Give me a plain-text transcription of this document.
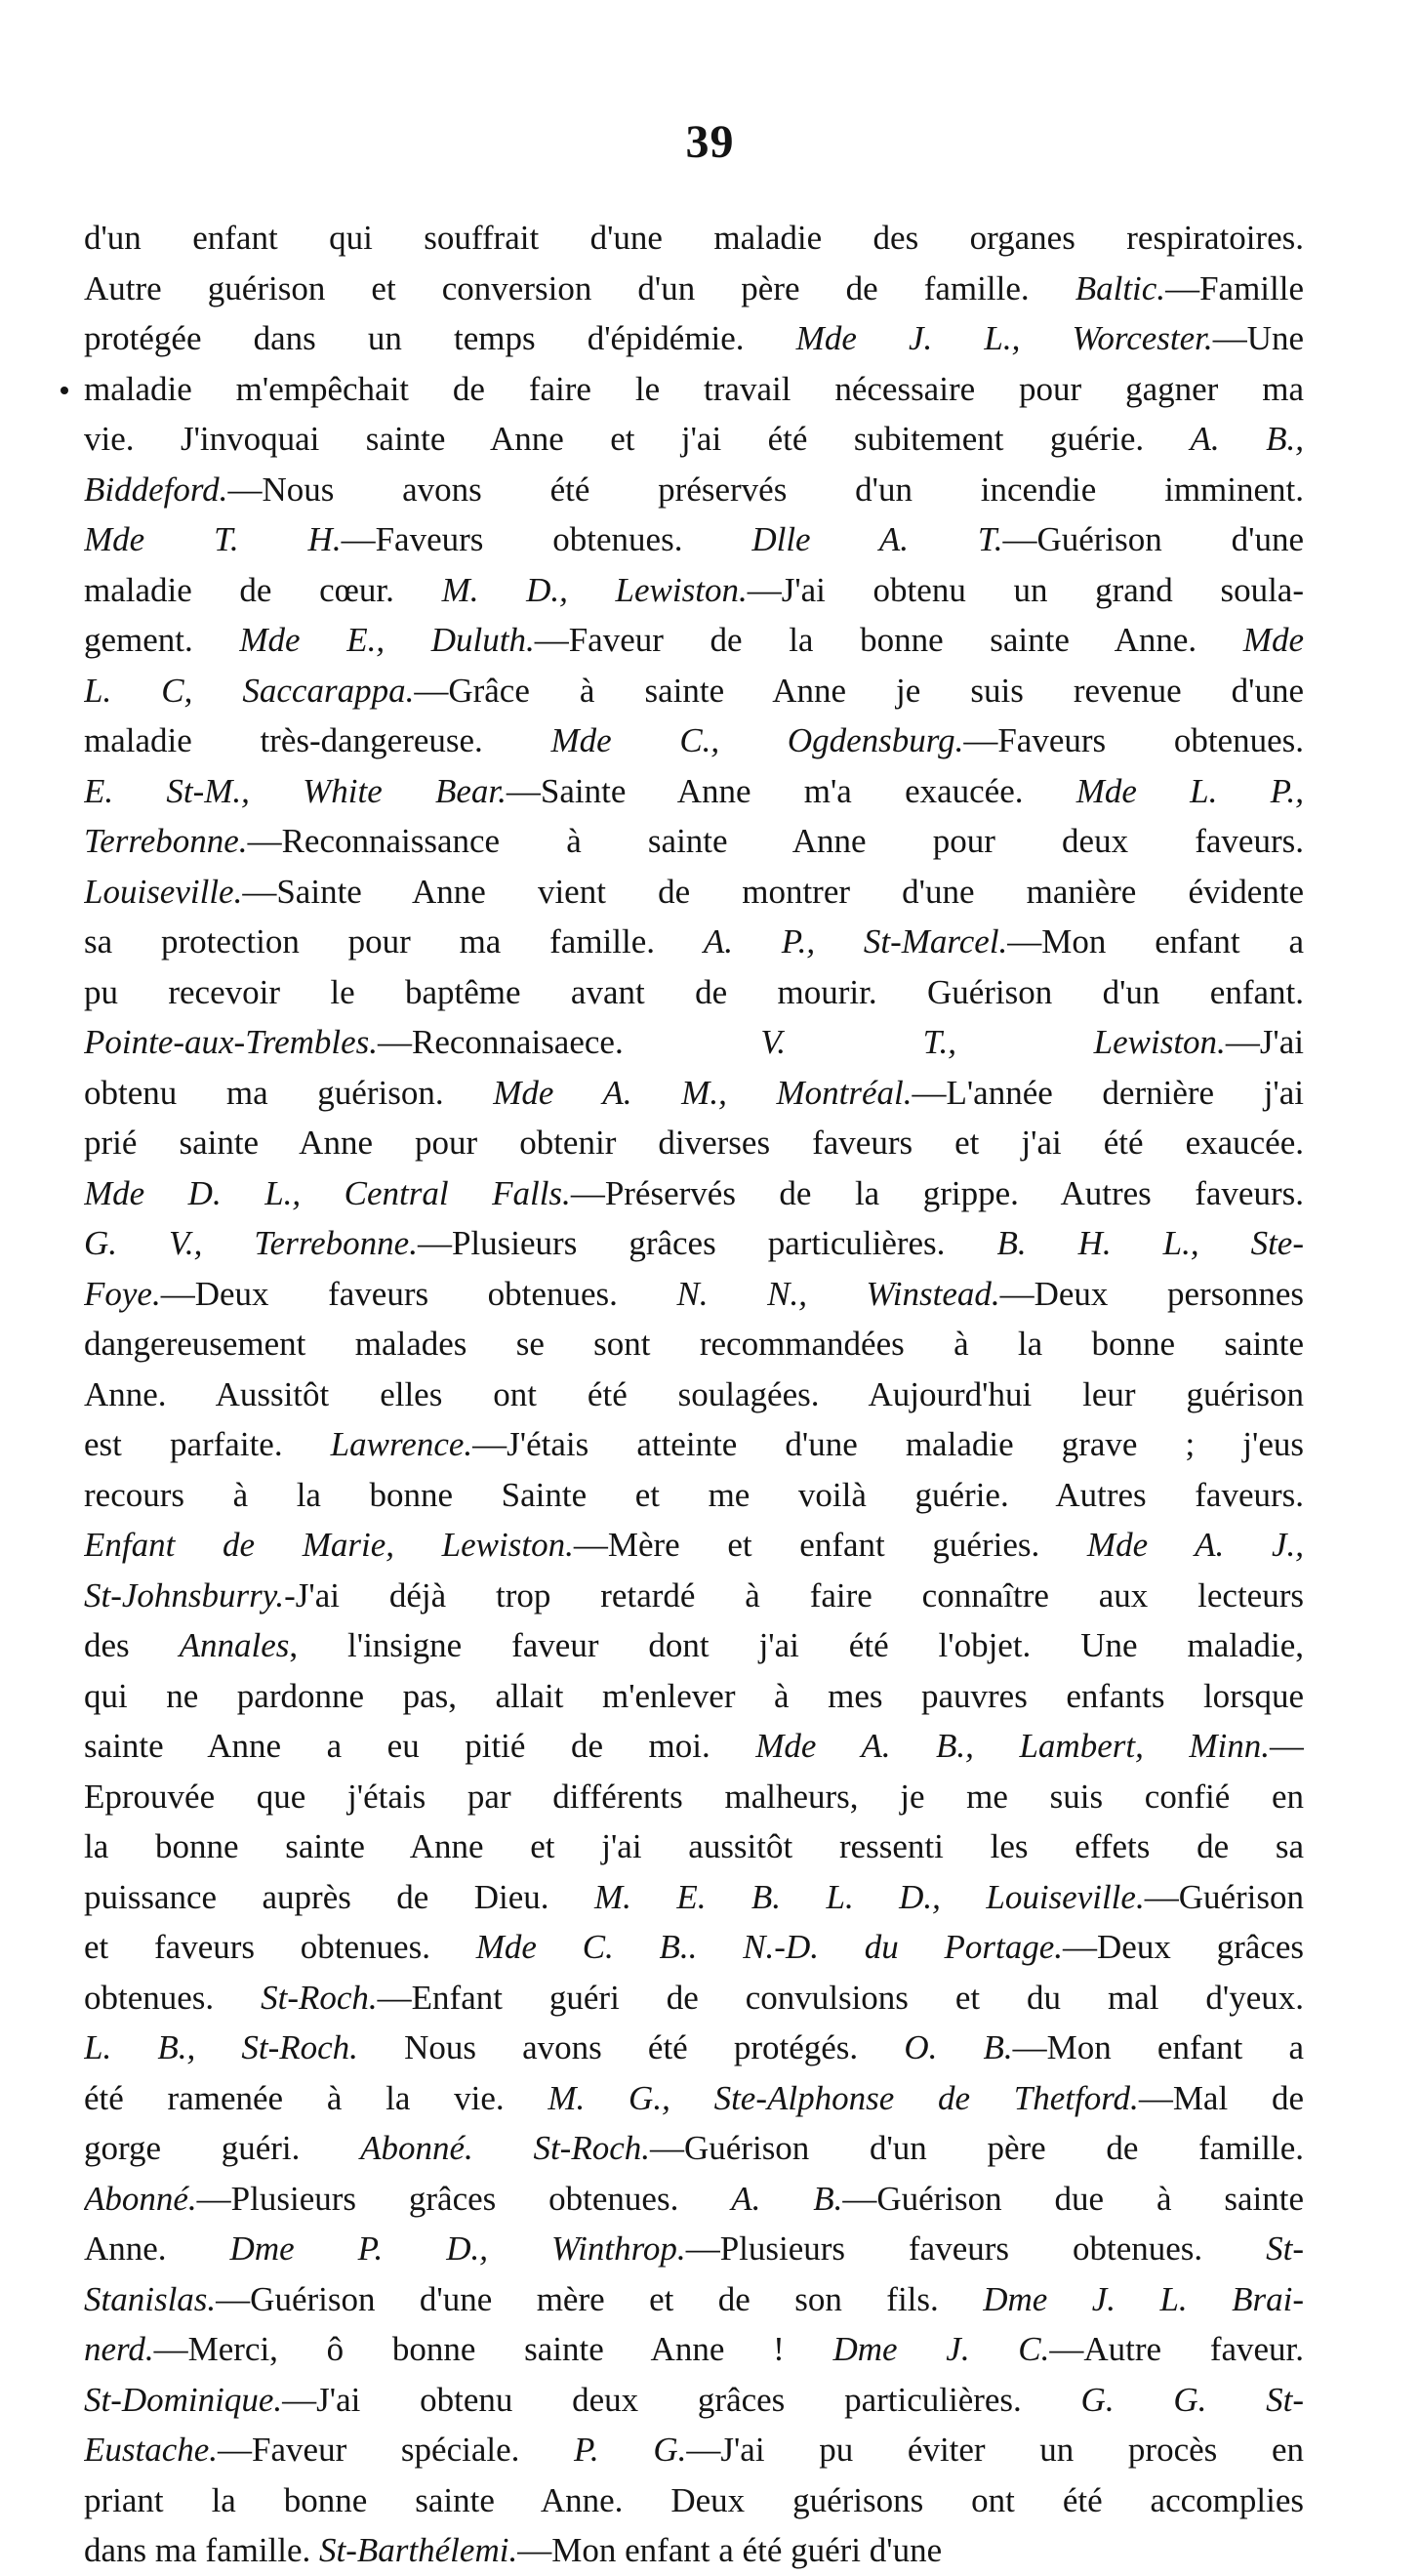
39
d'un enfant qui souffrait d'une maladie des organes respiratoires.
Autre guérison et conversion d'un père de famille. Baltic.—Famille
protégée dans un temps d'épidémie. Mde J. L., Worcester.—Une
maladie m'empêchait de faire le travail nécessaire pour gagner ma
vie. J'invoquai sainte Anne et j'ai été subitement guérie. A. B.,
Biddeford.—Nous avons été préservés d'un incendie imminent.
Mde T. H.—Faveurs obtenues. Dlle A. T.—Guérison d'une
maladie de cœur. M. D., Lewiston.—J'ai obtenu un grand soula-
gement. Mde E., Duluth.—Faveur de la bonne sainte Anne. Mde
L. C, Saccarappa.—Grâce à sainte Anne je suis revenue d'une
maladie très-dangereuse. Mde C., Ogdensburg.—Faveurs obtenues.
E. St-M., White Bear.—Sainte Anne m'a exaucée. Mde L. P.,
Terrebonne.—Reconnaissance à sainte Anne pour deux faveurs.
Louiseville.—Sainte Anne vient de montrer d'une manière évidente
sa protection pour ma famille. A. P., St-Marcel.—Mon enfant a
pu recevoir le baptême avant de mourir. Guérison d'un enfant.
Pointe-aux-Trembles.—Reconnaisaece. V. T., Lewiston.—J'ai
obtenu ma guérison. Mde A. M., Montréal.—L'année dernière j'ai
prié sainte Anne pour obtenir diverses faveurs et j'ai été exaucée.
Mde D. L., Central Falls.—Préservés de la grippe. Autres faveurs.
G. V., Terrebonne.—Plusieurs grâces particulières. B. H. L., Ste-
Foye.—Deux faveurs obtenues. N. N., Winstead.—Deux personnes
dangereusement malades se sont recommandées à la bonne sainte
Anne. Aussitôt elles ont été soulagées. Aujourd'hui leur guérison
est parfaite. Lawrence.—J'étais atteinte d'une maladie grave ; j'eus
recours à la bonne Sainte et me voilà guérie. Autres faveurs.
Enfant de Marie, Lewiston.—Mère et enfant guéries. Mde A. J.,
St-Johnsburry.-J'ai déjà trop retardé à faire connaître aux lecteurs
des Annales, l'insigne faveur dont j'ai été l'objet. Une maladie,
qui ne pardonne pas, allait m'enlever à mes pauvres enfants lorsque
sainte Anne a eu pitié de moi. Mde A. B., Lambert, Minn.—
Eprouvée que j'étais par différents malheurs, je me suis confié en
la bonne sainte Anne et j'ai aussitôt ressenti les effets de sa
puissance auprès de Dieu. M. E. B. L. D., Louiseville.—Guérison
et faveurs obtenues. Mde C. B.. N.-D. du Portage.—Deux grâces
obtenues. St-Roch.—Enfant guéri de convulsions et du mal d'yeux.
L. B., St-Roch. Nous avons été protégés. O. B.—Mon enfant a
été ramenée à la vie. M. G., Ste-Alphonse de Thetford.—Mal de
gorge guéri. Abonné. St-Roch.—Guérison d'un père de famille.
Abonné.—Plusieurs grâces obtenues. A. B.—Guérison due à sainte
Anne. Dme P. D., Winthrop.—Plusieurs faveurs obtenues. St-
Stanislas.—Guérison d'une mère et de son fils. Dme J. L. Brai-
nerd.—Merci, ô bonne sainte Anne ! Dme J. C.—Autre faveur.
St-Dominique.—J'ai obtenu deux grâces particulières. G. G. St-
Eustache.—Faveur spéciale. P. G.—J'ai pu éviter un procès en
priant la bonne sainte Anne. Deux guérisons ont été accomplies
dans ma famille. St-Barthélemi.—Mon enfant a été guéri d'une
